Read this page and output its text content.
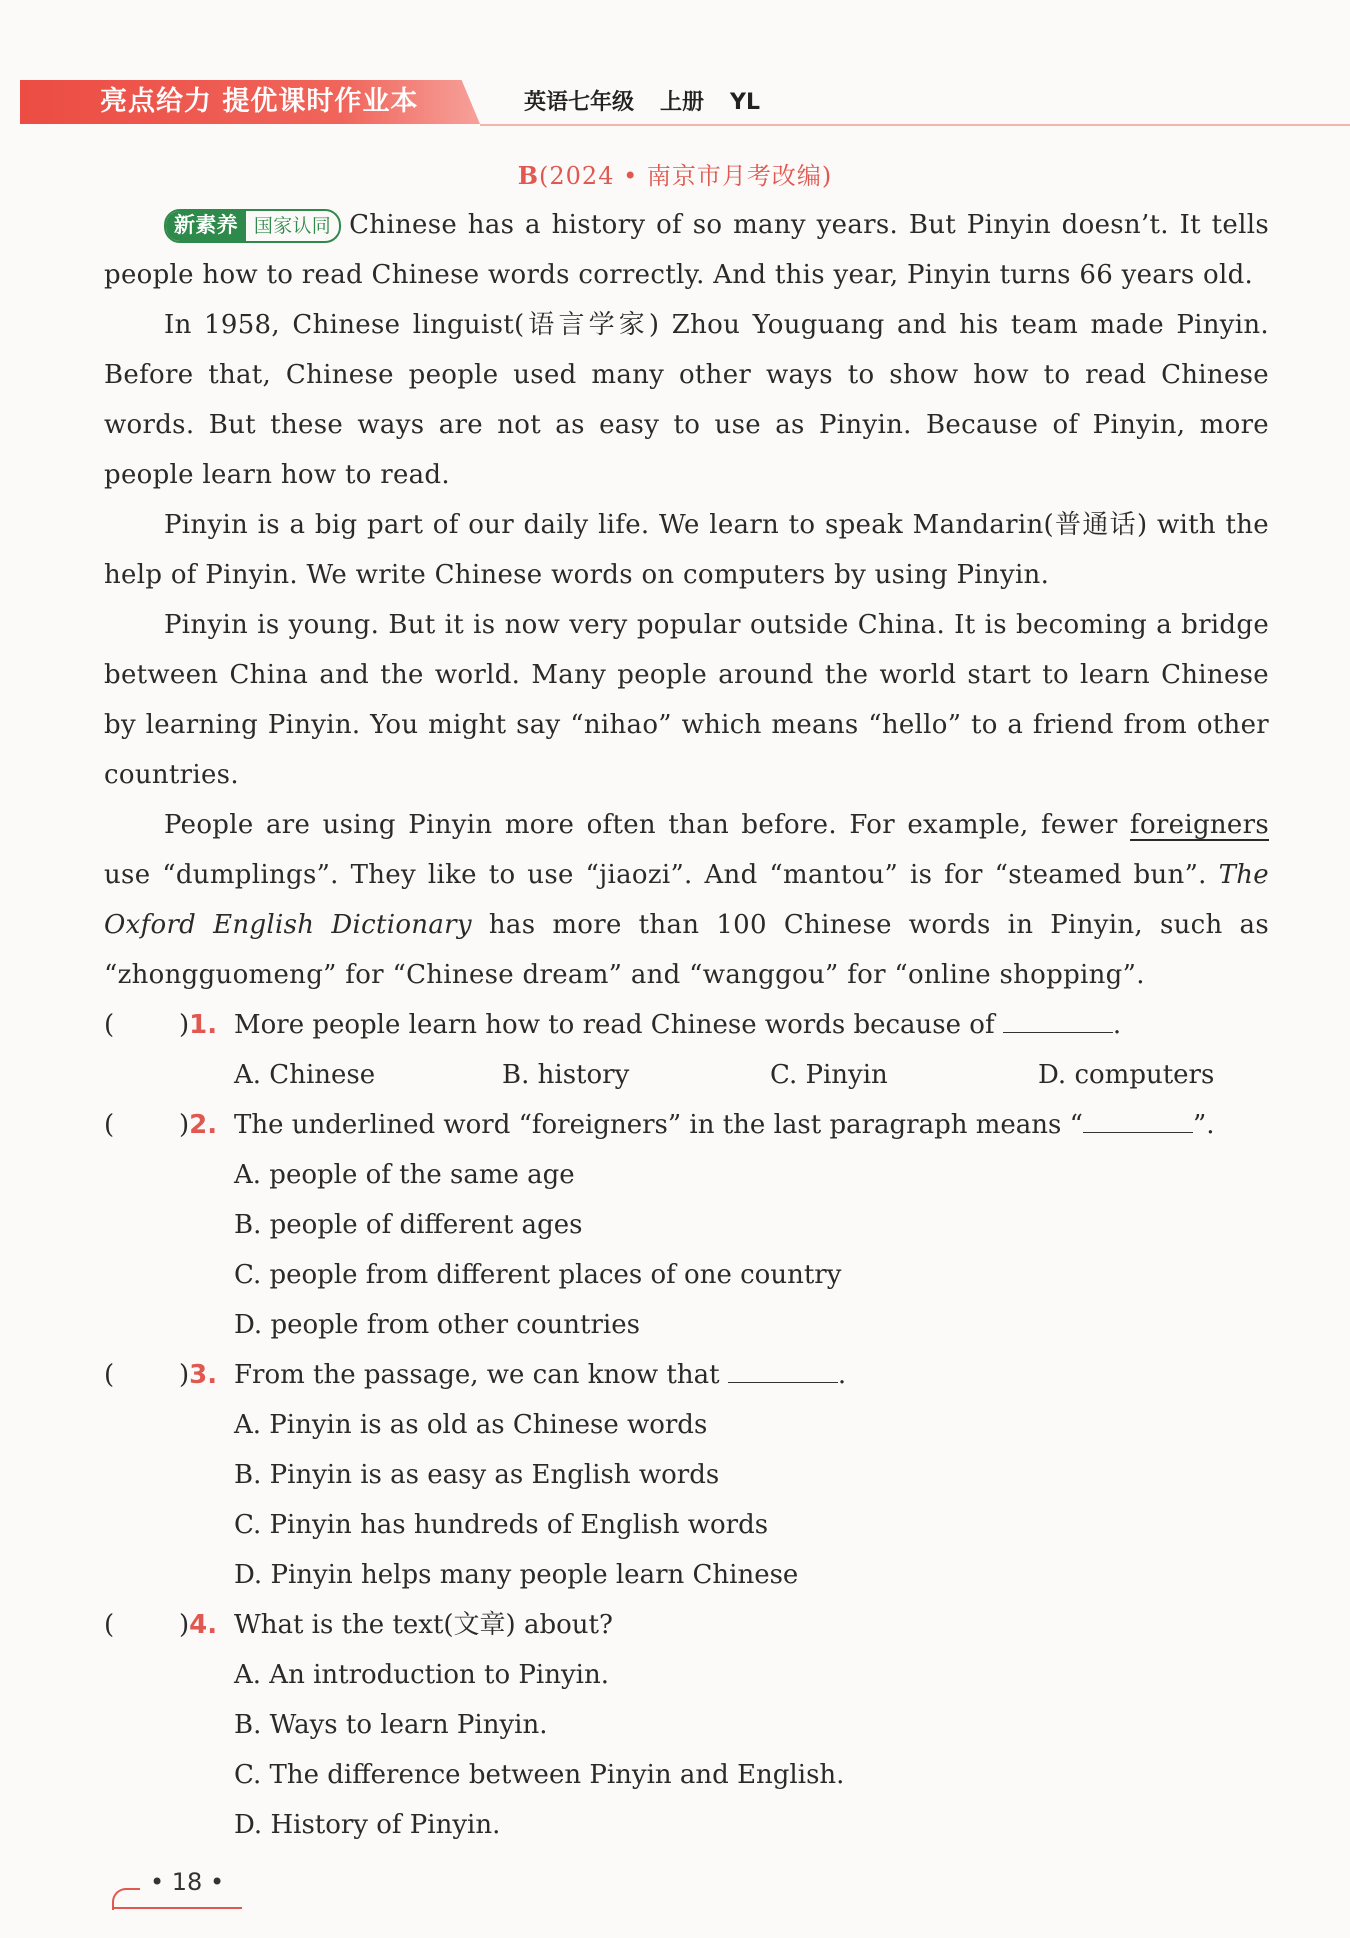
亮点给力 提优课时作业本	英语七年级 上册 YL
B(2024 • 南京市月考改编)

新素养 国家认同 Chinese has a history of so many years. But Pinyin doesn’t. It tells people how to read Chinese words correctly. And this year, Pinyin turns 66 years old.

In 1958, Chinese linguist(语言学家) Zhou Youguang and his team made Pinyin. Before that, Chinese people used many other ways to show how to read Chinese words. But these ways are not as easy to use as Pinyin. Because of Pinyin, more people learn how to read.

Pinyin is a big part of our daily life. We learn to speak Mandarin(普通话) with the help of Pinyin. We write Chinese words on computers by using Pinyin.

Pinyin is young. But it is now very popular outside China. It is becoming a bridge between China and the world. Many people around the world start to learn Chinese by learning Pinyin. You might say “nihao” which means “hello” to a friend from other countries.

People are using Pinyin more often than before. For example, fewer foreigners use “dumplings”. They like to use “jiaozi”. And “mantou” is for “steamed bun”. The Oxford English Dictionary has more than 100 Chinese words in Pinyin, such as “zhongguomeng” for “Chinese dream” and “wanggou” for “online shopping”.

( )1. More people learn how to read Chinese words because of	.
A. Chinese	B. history	C. Pinyin	D. computers
( )2. The underlined word “foreigners” in the last paragraph means “	”.
A. people of the same age
B. people of different ages
C. people from different places of one country
D. people from other countries
( )3. From the passage, we can know that	.
A. Pinyin is as old as Chinese words
B. Pinyin is as easy as English words
C. Pinyin has hundreds of English words
D. Pinyin helps many people learn Chinese
( )4. What is the text(文章) about?
A. An introduction to Pinyin.
B. Ways to learn Pinyin.
C. The difference between Pinyin and English.
D. History of Pinyin.
• 18 •
